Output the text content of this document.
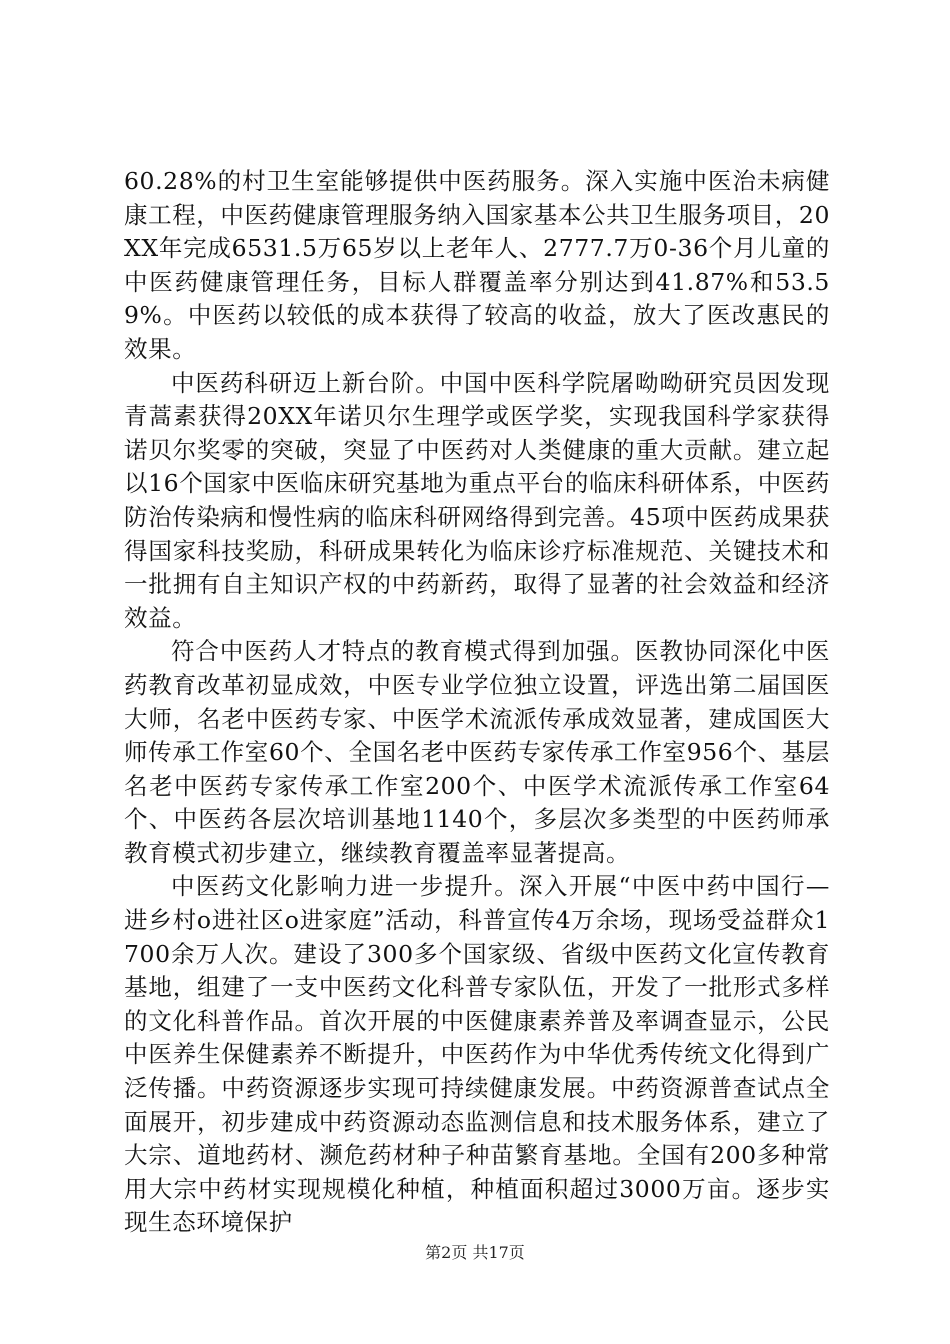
60.28%的村卫生室能够提供中医药服务。深入实施中医治未病健康工程，中医药健康管理服务纳入国家基本公共卫生服务项目，20XX年完成6531.5万65岁以上老年人、2777.7万0-36个月儿童的中医药健康管理任务，目标人群覆盖率分别达到41.87%和53.59%。中医药以较低的成本获得了较高的收益，放大了医改惠民的效果。

中医药科研迈上新台阶。中国中医科学院屠呦呦研究员因发现青蒿素获得20XX年诺贝尔生理学或医学奖，实现我国科学家获得诺贝尔奖零的突破，突显了中医药对人类健康的重大贡献。建立起以16个国家中医临床研究基地为重点平台的临床科研体系，中医药防治传染病和慢性病的临床科研网络得到完善。45项中医药成果获得国家科技奖励，科研成果转化为临床诊疗标准规范、关键技术和一批拥有自主知识产权的中药新药，取得了显著的社会效益和经济效益。

符合中医药人才特点的教育模式得到加强。医教协同深化中医药教育改革初显成效，中医专业学位独立设置，评选出第二届国医大师，名老中医药专家、中医学术流派传承成效显著，建成国医大师传承工作室60个、全国名老中医药专家传承工作室956个、基层名老中医药专家传承工作室200个、中医学术流派传承工作室64个、中医药各层次培训基地1140个，多层次多类型的中医药师承教育模式初步建立，继续教育覆盖率显著提高。

中医药文化影响力进一步提升。深入开展“中医中药中国行—进乡村o进社区o进家庭”活动，科普宣传4万余场，现场受益群众1700余万人次。建设了300多个国家级、省级中医药文化宣传教育基地，组建了一支中医药文化科普专家队伍，开发了一批形式多样的文化科普作品。首次开展的中医健康素养普及率调查显示，公民中医养生保健素养不断提升，中医药作为中华优秀传统文化得到广泛传播。中药资源逐步实现可持续健康发展。中药资源普查试点全面展开，初步建成中药资源动态监测信息和技术服务体系，建立了大宗、道地药材、濒危药材种子种苗繁育基地。全国有200多种常用大宗中药材实现规模化种植，种植面积超过3000万亩。逐步实现生态环境保护

第2页 共17页
